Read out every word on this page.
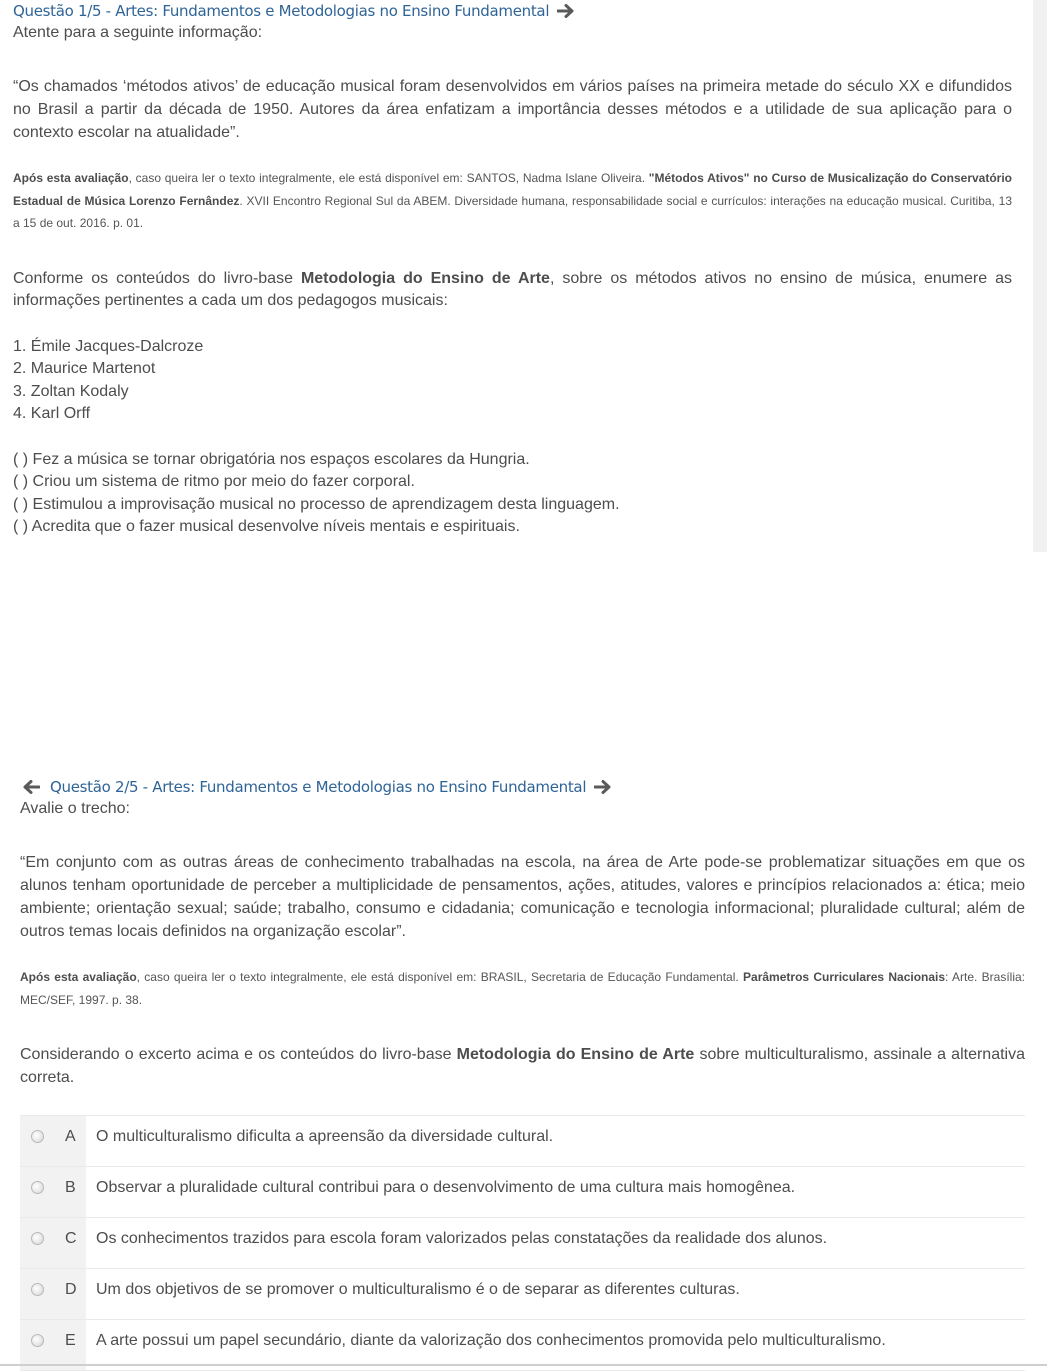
Questão 1/5 - Artes: Fundamentos e Metodologias no Ensino Fundamental

Atente para a seguinte informação:

“Os chamados ‘métodos ativos’ de educação musical foram desenvolvidos em vários países na primeira metade do século XX e difundidos no Brasil a partir da década de 1950. Autores da área enfatizam a importância desses métodos e a utilidade de sua aplicação para o contexto escolar na atualidade”.

Após esta avaliação, caso queira ler o texto integralmente, ele está disponível em: SANTOS, Nadma Islane Oliveira. "Métodos Ativos" no Curso de Musicalização do Conservatório Estadual de Música Lorenzo Fernândez. XVII Encontro Regional Sul da ABEM. Diversidade humana, responsabilidade social e currículos: interações na educação musical. Curitiba, 13 a 15 de out. 2016. p. 01.

Conforme os conteúdos do livro-base Metodologia do Ensino de Arte, sobre os métodos ativos no ensino de música, enumere as informações pertinentes a cada um dos pedagogos musicais:

1. Émile Jacques-Dalcroze

2. Maurice Martenot

3. Zoltan Kodaly

4. Karl Orff

( ) Fez a música se tornar obrigatória nos espaços escolares da Hungria.

( ) Criou um sistema de ritmo por meio do fazer corporal.

( ) Estimulou a improvisação musical no processo de aprendizagem desta linguagem.

( ) Acredita que o fazer musical desenvolve níveis mentais e espirituais.

Questão 2/5 - Artes: Fundamentos e Metodologias no Ensino Fundamental

Avalie o trecho:

“Em conjunto com as outras áreas de conhecimento trabalhadas na escola, na área de Arte pode-se problematizar situações em que os alunos tenham oportunidade de perceber a multiplicidade de pensamentos, ações, atitudes, valores e princípios relacionados a: ética; meio ambiente; orientação sexual; saúde; trabalho, consumo e cidadania; comunicação e tecnologia informacional; pluralidade cultural; além de outros temas locais definidos na organização escolar”.

Após esta avaliação, caso queira ler o texto integralmente, ele está disponível em: BRASIL, Secretaria de Educação Fundamental. Parâmetros Curriculares Nacionais: Arte. Brasília: MEC/SEF, 1997. p. 38.

Considerando o excerto acima e os conteúdos do livro-base Metodologia do Ensino de Arte sobre multiculturalismo, assinale a alternativa correta.

A	O multiculturalismo dificulta a apreensão da diversidade cultural.
B	Observar a pluralidade cultural contribui para o desenvolvimento de uma cultura mais homogênea.
C	Os conhecimentos trazidos para escola foram valorizados pelas constatações da realidade dos alunos.
D	Um dos objetivos de se promover o multiculturalismo é o de separar as diferentes culturas.
E	A arte possui um papel secundário, diante da valorização dos conhecimentos promovida pelo multiculturalismo.
